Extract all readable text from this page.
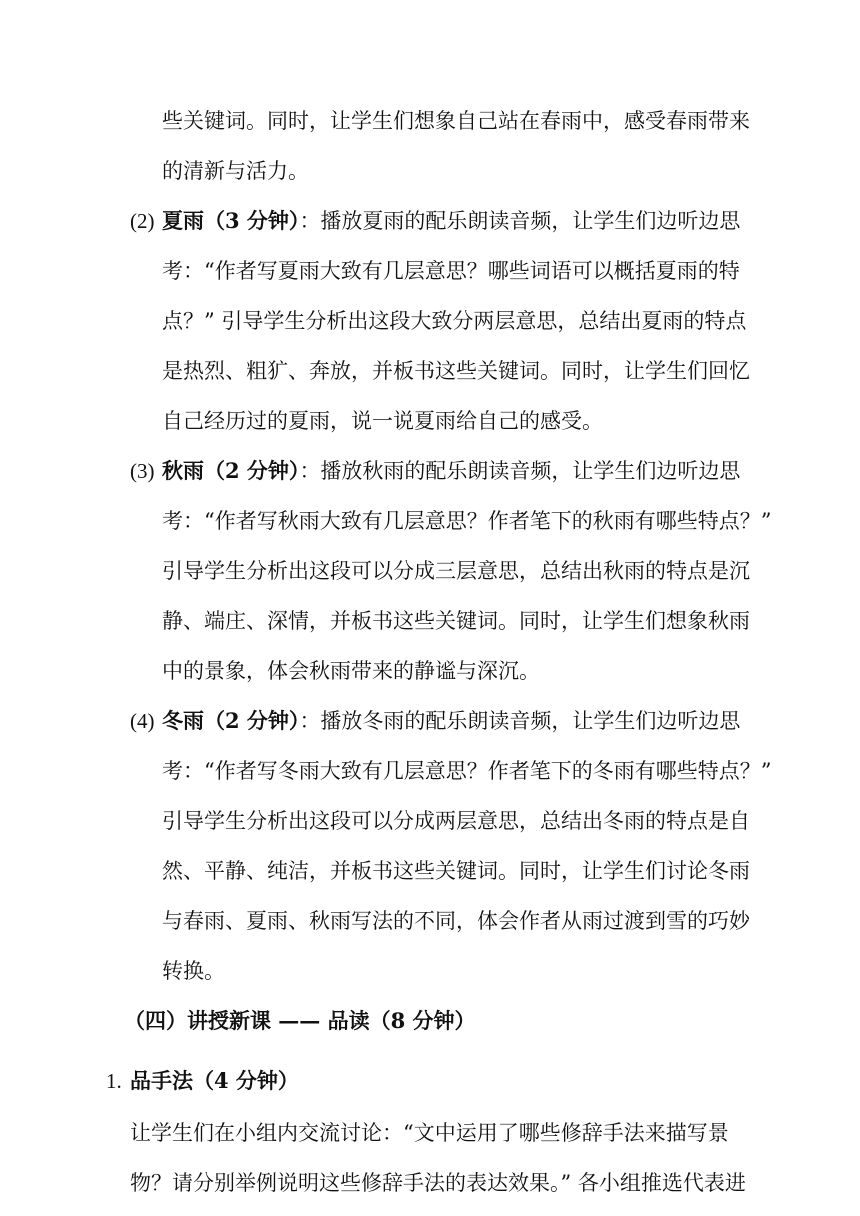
些关键词。同时，让学生们想象自己站在春雨中，感受春雨带来
的清新与活力。
(2) 夏雨（3 分钟）：播放夏雨的配乐朗读音频，让学生们边听边思
考：“作者写夏雨大致有几层意思？哪些词语可以概括夏雨的特
点？” 引导学生分析出这段大致分两层意思，总结出夏雨的特点
是热烈、粗犷、奔放，并板书这些关键词。同时，让学生们回忆
自己经历过的夏雨，说一说夏雨给自己的感受。
(3) 秋雨（2 分钟）：播放秋雨的配乐朗读音频，让学生们边听边思
考：“作者写秋雨大致有几层意思？作者笔下的秋雨有哪些特点？”
引导学生分析出这段可以分成三层意思，总结出秋雨的特点是沉
静、端庄、深情，并板书这些关键词。同时，让学生们想象秋雨
中的景象，体会秋雨带来的静谧与深沉。
(4) 冬雨（2 分钟）：播放冬雨的配乐朗读音频，让学生们边听边思
考：“作者写冬雨大致有几层意思？作者笔下的冬雨有哪些特点？”
引导学生分析出这段可以分成两层意思，总结出冬雨的特点是自
然、平静、纯洁，并板书这些关键词。同时，让学生们讨论冬雨
与春雨、夏雨、秋雨写法的不同，体会作者从雨过渡到雪的巧妙
转换。
（四）讲授新课 —— 品读（8 分钟）
1. 品手法（4 分钟）
让学生们在小组内交流讨论：“文中运用了哪些修辞手法来描写景
物？请分别举例说明这些修辞手法的表达效果。” 各小组推选代表进
